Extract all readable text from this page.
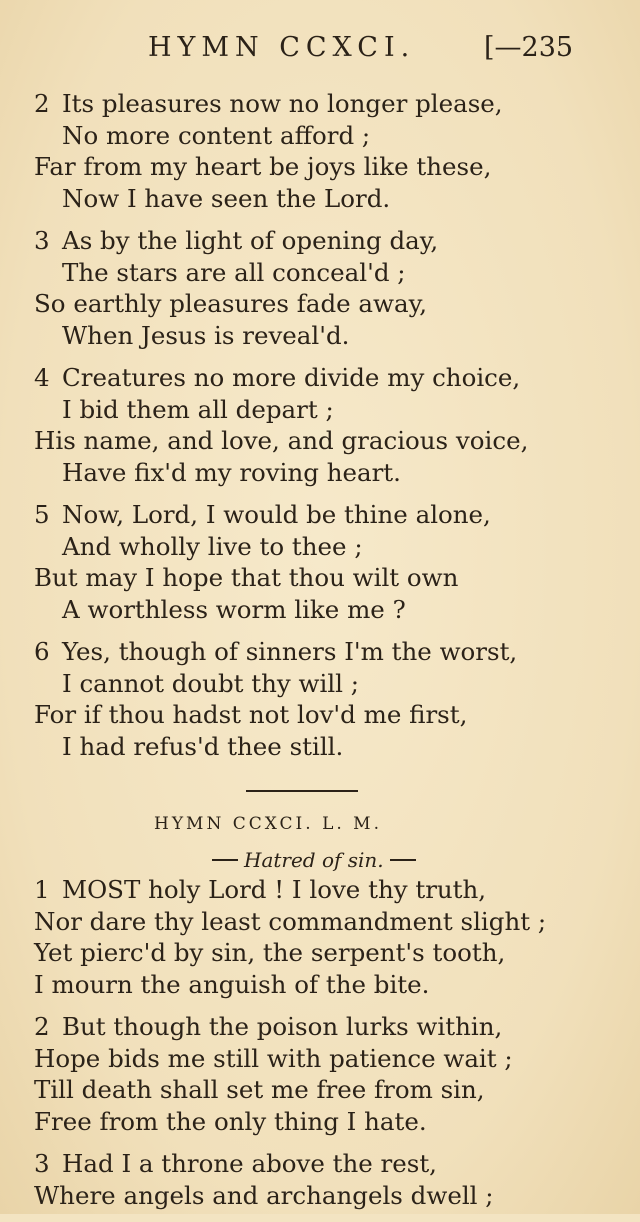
HYMN CCXCI.	[—235
2 Its pleasures now no longer please,
No more content afford ;
Far from my heart be joys like these,
Now I have seen the Lord.
3 As by the light of opening day,
The stars are all conceal'd ;
So earthly pleasures fade away,
When Jesus is reveal'd.
4 Creatures no more divide my choice,
I bid them all depart ;
His name, and love, and gracious voice,
Have fix'd my roving heart.
5 Now, Lord, I would be thine alone,
And wholly live to thee ;
But may I hope that thou wilt own
A worthless worm like me ?
6 Yes, though of sinners I'm the worst,
I cannot doubt thy will ;
For if thou hadst not lov'd me first,
I had refus'd thee still.
HYMN CCXCI. L. M.
Hatred of sin.
1 MOST holy Lord ! I love thy truth,
Nor dare thy least commandment slight ;
Yet pierc'd by sin, the serpent's tooth,
I mourn the anguish of the bite.
2 But though the poison lurks within,
Hope bids me still with patience wait ;
Till death shall set me free from sin,
Free from the only thing I hate.
3 Had I a throne above the rest,
Where angels and archangels dwell ;
